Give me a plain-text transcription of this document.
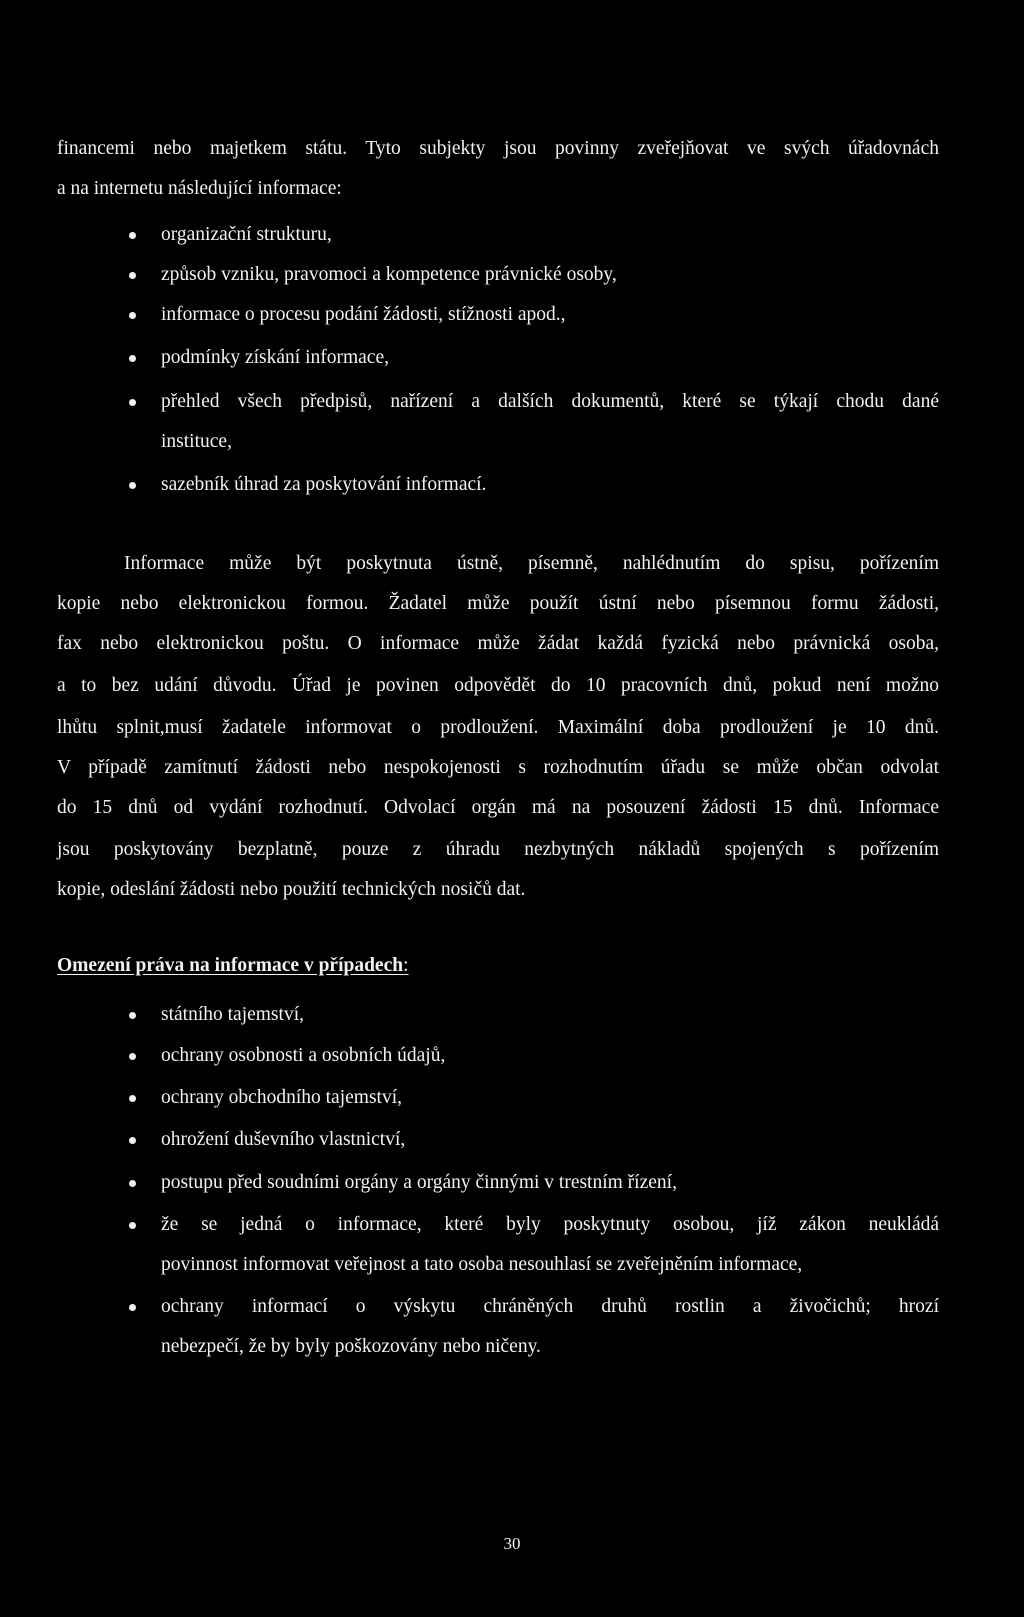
financemi nebo majetkem státu. Tyto subjekty jsou povinny zveřejňovat ve svých úřadovnách
a na internetu následující informace:
organizační strukturu,
způsob vzniku, pravomoci a kompetence právnické osoby,
informace o procesu podání žádosti, stížnosti apod.,
podmínky získání informace,
přehled všech předpisů, nařízení a dalších dokumentů, které se týkají chodu dané
instituce,
sazebník úhrad za poskytování informací.
Informace může být poskytnuta ústně, písemně, nahlédnutím do spisu, pořízením
kopie nebo elektronickou formou. Žadatel může použít ústní nebo písemnou formu žádosti,
fax nebo elektronickou poštu. O informace může žádat každá fyzická nebo právnická osoba,
a to bez udání důvodu. Úřad je povinen odpovědět do 10 pracovních dnů, pokud není možno
lhůtu splnit,musí žadatele informovat o prodloužení. Maximální doba prodloužení je 10 dnů.
V případě zamítnutí žádosti nebo nespokojenosti s rozhodnutím úřadu se může občan odvolat
do 15 dnů od vydání rozhodnutí. Odvolací orgán má na posouzení žádosti 15 dnů. Informace
jsou poskytovány bezplatně, pouze z úhradu nezbytných nákladů spojených s pořízením
kopie, odeslání žádosti nebo použití technických nosičů dat.
Omezení práva na informace v případech:
státního tajemství,
ochrany osobnosti a osobních údajů,
ochrany obchodního tajemství,
ohrožení duševního vlastnictví,
postupu před soudními orgány a orgány činnými v trestním řízení,
že se jedná o informace, které byly poskytnuty osobou, jíž zákon neukládá
povinnost informovat veřejnost a tato osoba nesouhlasí se zveřejněním informace,
ochrany informací o výskytu chráněných druhů rostlin a živočichů; hrozí
nebezpečí, že by byly poškozovány nebo ničeny.
30
